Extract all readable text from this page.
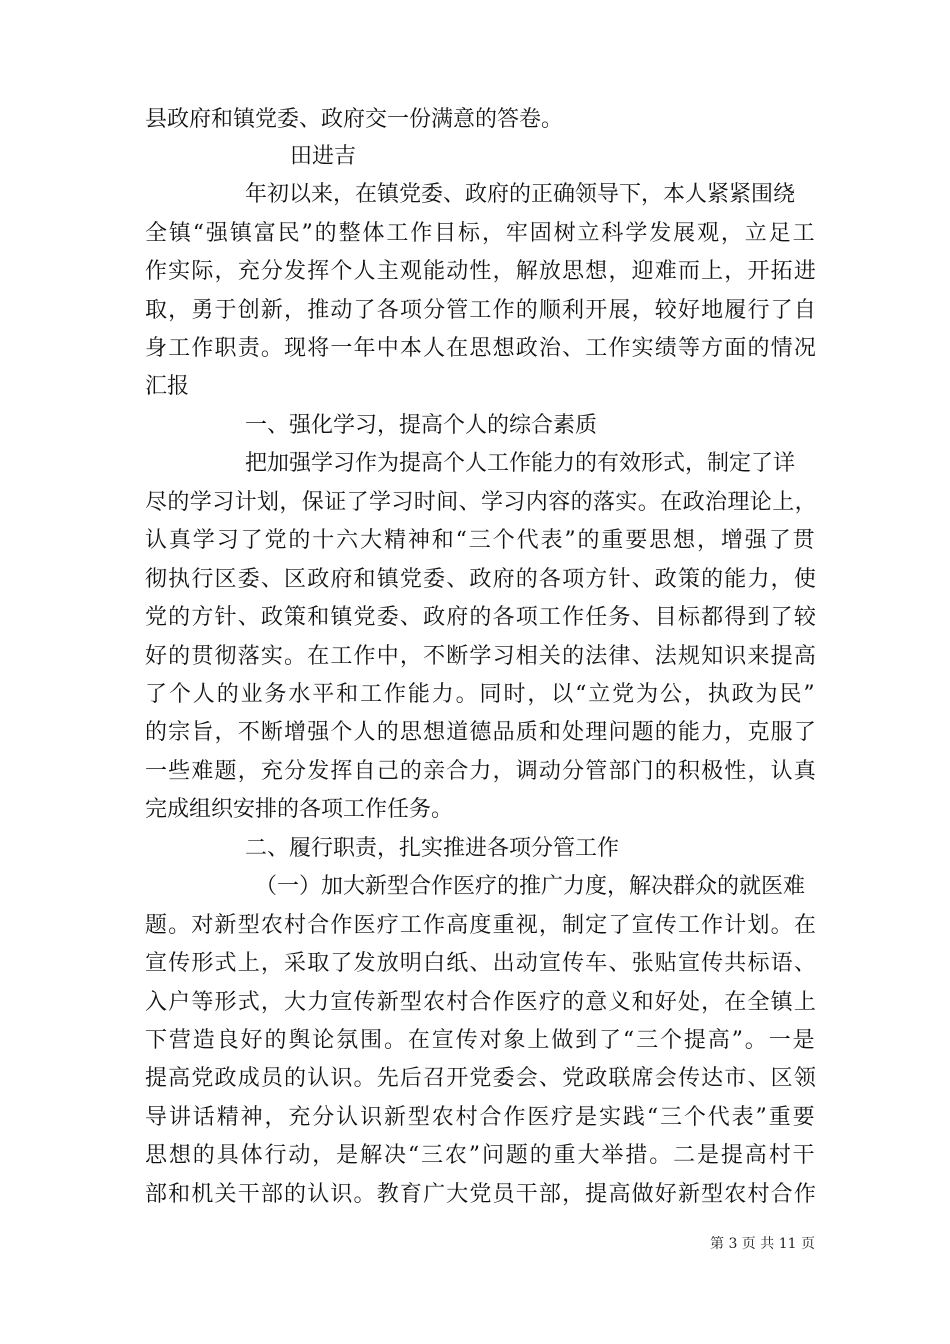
县政府和镇党委、政府交一份满意的答卷。
田进吉
年初以来，在镇党委、政府的正确领导下，本人紧紧围绕
全镇“强镇富民”的整体工作目标，牢固树立科学发展观，立足工
作实际，充分发挥个人主观能动性，解放思想，迎难而上，开拓进
取，勇于创新，推动了各项分管工作的顺利开展，较好地履行了自
身工作职责。现将一年中本人在思想政治、工作实绩等方面的情况
汇报
一、强化学习，提高个人的综合素质
把加强学习作为提高个人工作能力的有效形式，制定了详
尽的学习计划，保证了学习时间、学习内容的落实。在政治理论上，
认真学习了党的十六大精神和“三个代表”的重要思想，增强了贯
彻执行区委、区政府和镇党委、政府的各项方针、政策的能力，使
党的方针、政策和镇党委、政府的各项工作任务、目标都得到了较
好的贯彻落实。在工作中，不断学习相关的法律、法规知识来提高
了个人的业务水平和工作能力。同时，以“立党为公，执政为民”
的宗旨，不断增强个人的思想道德品质和处理问题的能力，克服了
一些难题，充分发挥自己的亲合力，调动分管部门的积极性，认真
完成组织安排的各项工作任务。
二、履行职责，扎实推进各项分管工作
（一）加大新型合作医疗的推广力度，解决群众的就医难
题。对新型农村合作医疗工作高度重视，制定了宣传工作计划。在
宣传形式上，采取了发放明白纸、出动宣传车、张贴宣传共标语、
入户等形式，大力宣传新型农村合作医疗的意义和好处，在全镇上
下营造良好的舆论氛围。在宣传对象上做到了“三个提高”。一是
提高党政成员的认识。先后召开党委会、党政联席会传达市、区领
导讲话精神，充分认识新型农村合作医疗是实践“三个代表”重要
思想的具体行动，是解决“三农”问题的重大举措。二是提高村干
部和机关干部的认识。教育广大党员干部，提高做好新型农村合作
第 3 页 共 11 页
